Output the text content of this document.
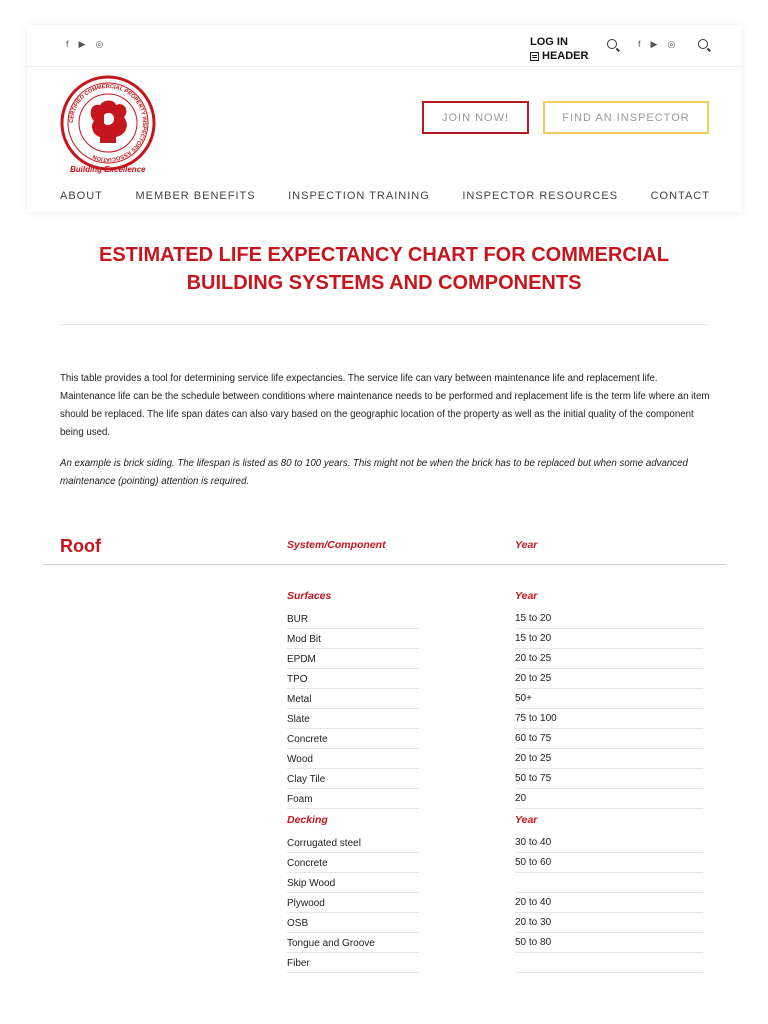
f ▶ ◎	LOG IN
HEADER
f ▶ ◎
CERTIFIED COMMERCIAL PROPERTY INSPECTORS ASSOCIATION
Building Excellence
JOIN NOW!	FIND AN INSPECTOR
ABOUT	MEMBER BENEFITS	INSPECTION TRAINING	INSPECTOR RESOURCES	CONTACT
ESTIMATED LIFE EXPECTANCY CHART FOR COMMERCIAL
BUILDING SYSTEMS AND COMPONENTS

This table provides a tool for determining service life expectancies. The service life can vary between maintenance life and replacement life. Maintenance life can be the schedule between conditions where maintenance needs to be performed and replacement life is the term life where an item should be replaced. The life span dates can also vary based on the geographic location of the property as well as the initial quality of the component being used.

An example is brick siding. The lifespan is listed as 80 to 100 years. This might not be when the brick has to be replaced but when some advanced maintenance (pointing) attention is required.

Roof	System/Component	Year
Surfaces	Year
BUR	15 to 20
Mod Bit	15 to 20
EPDM	20 to 25
TPO	20 to 25
Metal	50+
Slate	75 to 100
Concrete	60 to 75
Wood	20 to 25
Clay Tile	50 to 75
Foam	20
Decking	Year
Corrugated steel	30 to 40
Concrete	50 to 60
Skip Wood
Plywood	20 to 40
OSB	20 to 30
Tongue and Groove	50 to 80
Fiber
